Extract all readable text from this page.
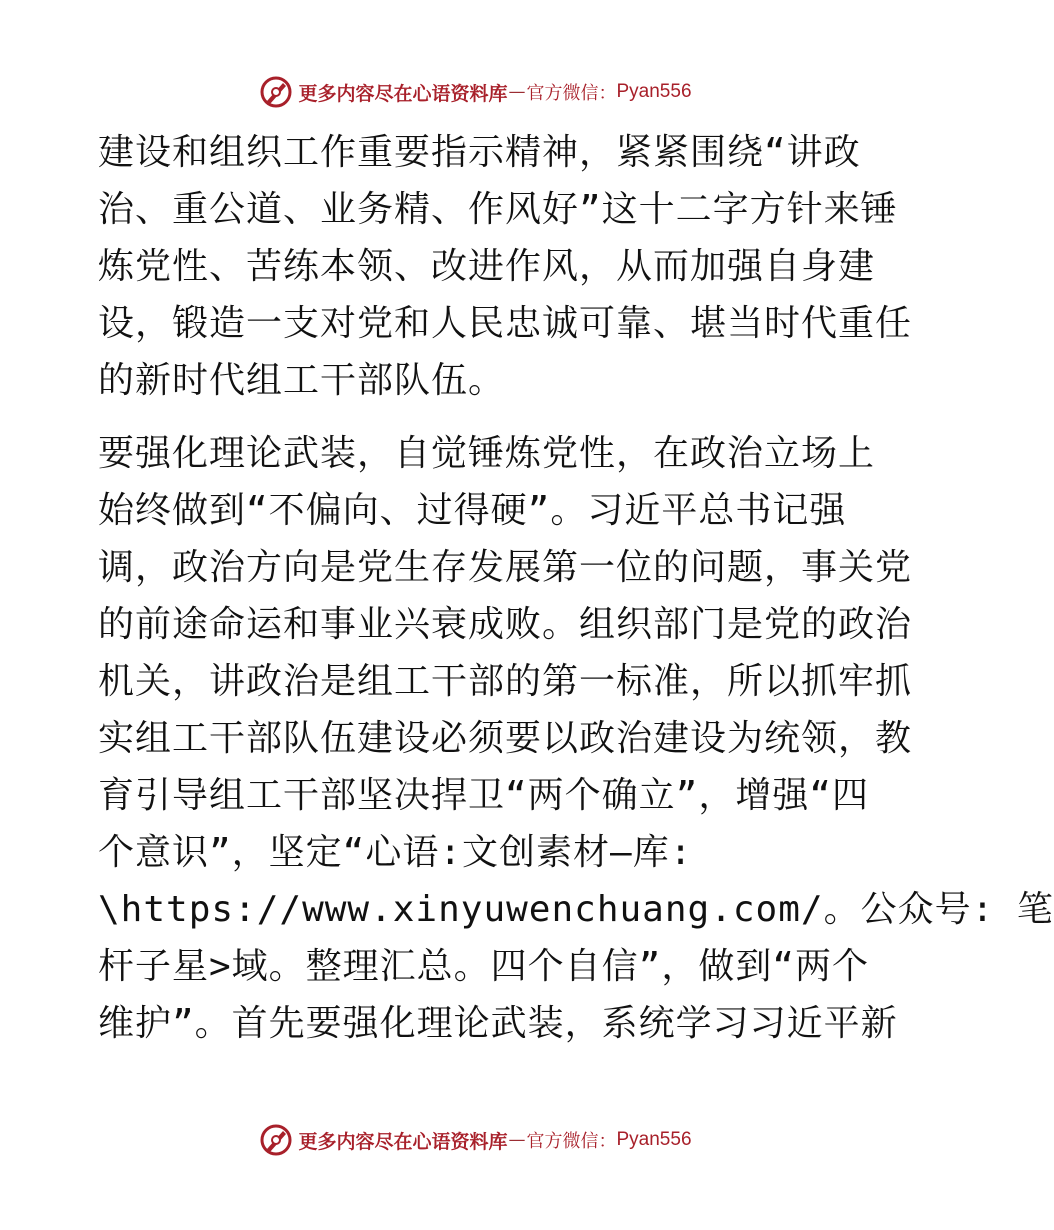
更多内容尽在心语资料库 — 官方微信： Pyan556
建设和组织工作重要指示精神，紧紧围绕“讲政
治、重公道、业务精、作风好”这十二字方针来锤
炼党性、苦练本领、改进作风，从而加强自身建
设，锻造一支对党和人民忠诚可靠、堪当时代重任
的新时代组工干部队伍。
要强化理论武装，自觉锤炼党性，在政治立场上
始终做到“不偏向、过得硬”。习近平总书记强
调，政治方向是党生存发展第一位的问题，事关党
的前途命运和事业兴衰成败。组织部门是党的政治
机关，讲政治是组工干部的第一标准，所以抓牢抓
实组工干部队伍建设必须要以政治建设为统领，教
育引导组工干部坚决捍卫“两个确立”，增强“四
个意识”，坚定“心语:文创素材—库:
\https://www.xinyuwenchuang.com/。公众号: 笔
杆子星>域。整理汇总。四个自信”，做到“两个
维护”。首先要强化理论武装，系统学习习近平新
更多内容尽在心语资料库 — 官方微信： Pyan556
